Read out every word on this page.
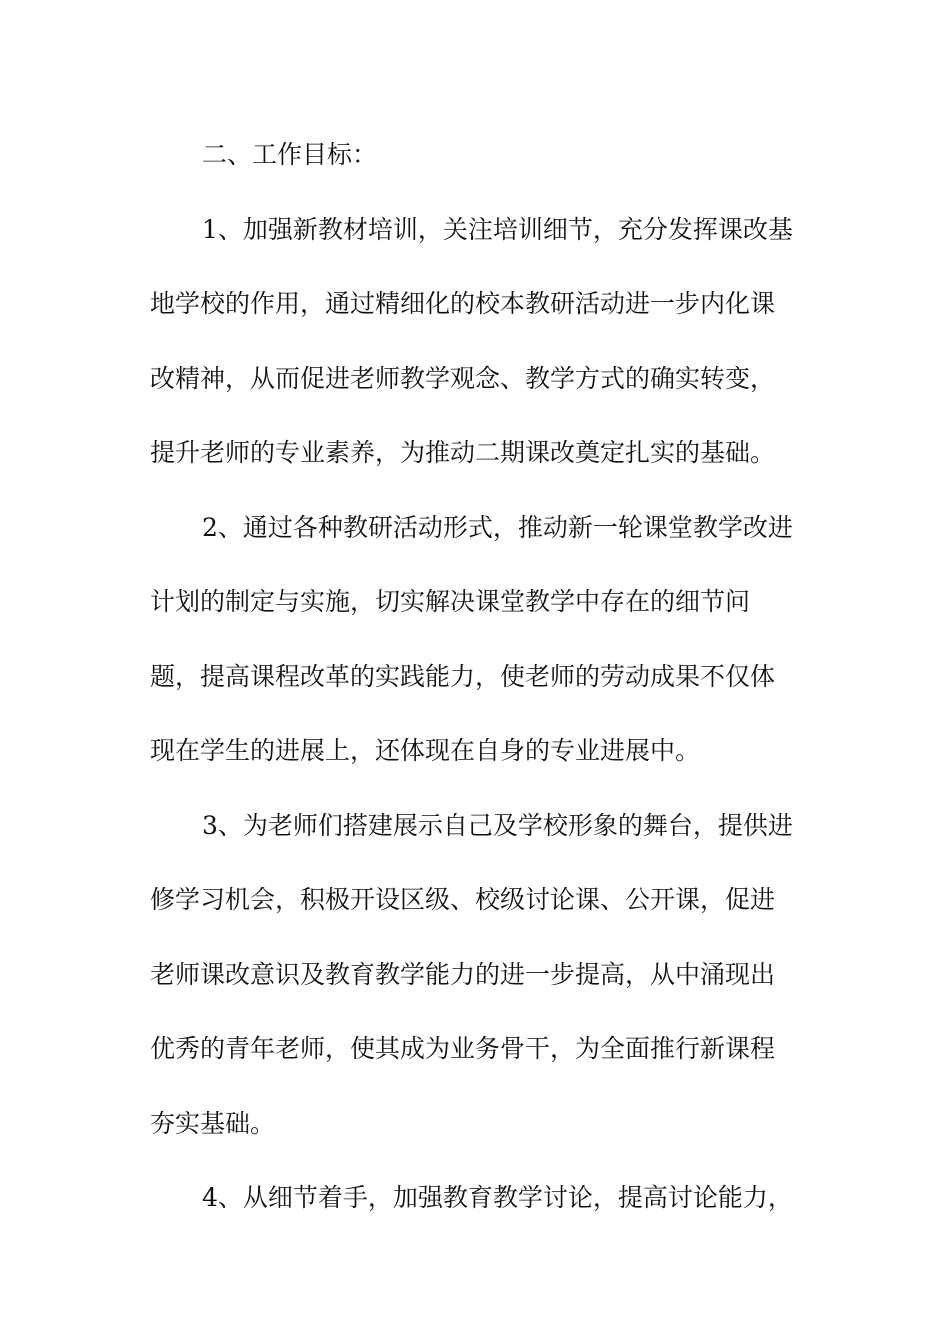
二、工作目标：
1、加强新教材培训，关注培训细节，充分发挥课改基
地学校的作用，通过精细化的校本教研活动进一步内化课
改精神，从而促进老师教学观念、教学方式的确实转变，
提升老师的专业素养，为推动二期课改奠定扎实的基础。
2、通过各种教研活动形式，推动新一轮课堂教学改进
计划的制定与实施，切实解决课堂教学中存在的细节问
题，提高课程改革的实践能力，使老师的劳动成果不仅体
现在学生的进展上，还体现在自身的专业进展中。
3、为老师们搭建展示自己及学校形象的舞台，提供进
修学习机会，积极开设区级、校级讨论课、公开课，促进
老师课改意识及教育教学能力的进一步提高，从中涌现出
优秀的青年老师，使其成为业务骨干，为全面推行新课程
夯实基础。
4、从细节着手，加强教育教学讨论，提高讨论能力，
